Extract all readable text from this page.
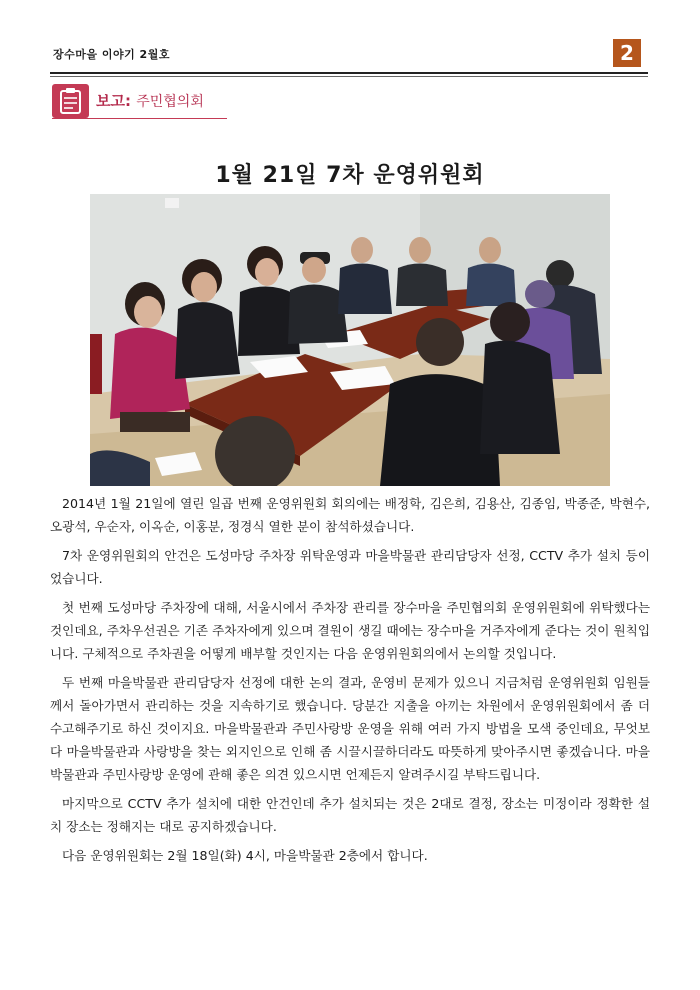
장수마을 이야기 2월호	2
보고: 주민협의회
1월 21일 7차 운영위원회

2014년 1월 21일에 열린 일곱 번째 운영위원회 회의에는 배정학, 김은희, 김용산, 김종임, 박종준, 박현수, 오광석, 우순자, 이옥순, 이홍분, 정경식 열한 분이 참석하셨습니다.

7차 운영위원회의 안건은 도성마당 주차장 위탁운영과 마을박물관 관리담당자 선정, CCTV 추가 설치 등이었습니다.

첫 번째 도성마당 주차장에 대해, 서울시에서 주차장 관리를 장수마을 주민협의회 운영위원회에 위탁했다는 것인데요, 주차우선권은 기존 주차자에게 있으며 결원이 생길 때에는 장수마을 거주자에게 준다는 것이 원칙입니다. 구체적으로 주차권을 어떻게 배부할 것인지는 다음 운영위원회의에서 논의할 것입니다.

두 번째 마을박물관 관리담당자 선정에 대한 논의 결과, 운영비 문제가 있으니 지금처럼 운영위원회 임원들께서 돌아가면서 관리하는 것을 지속하기로 했습니다. 당분간 지출을 아끼는 차원에서 운영위원회에서 좀 더 수고해주기로 하신 것이지요. 마을박물관과 주민사랑방 운영을 위해 여러 가지 방법을 모색 중인데요, 무엇보다 마을박물관과 사랑방을 찾는 외지인으로 인해 좀 시끌시끌하더라도 따뜻하게 맞아주시면 좋겠습니다. 마을박물관과 주민사랑방 운영에 관해 좋은 의견 있으시면 언제든지 알려주시길 부탁드립니다.

마지막으로 CCTV 추가 설치에 대한 안건인데 추가 설치되는 것은 2대로 결정, 장소는 미정이라 정확한 설치 장소는 정해지는 대로 공지하겠습니다.

다음 운영위원회는 2월 18일(화) 4시, 마을박물관 2층에서 합니다.
